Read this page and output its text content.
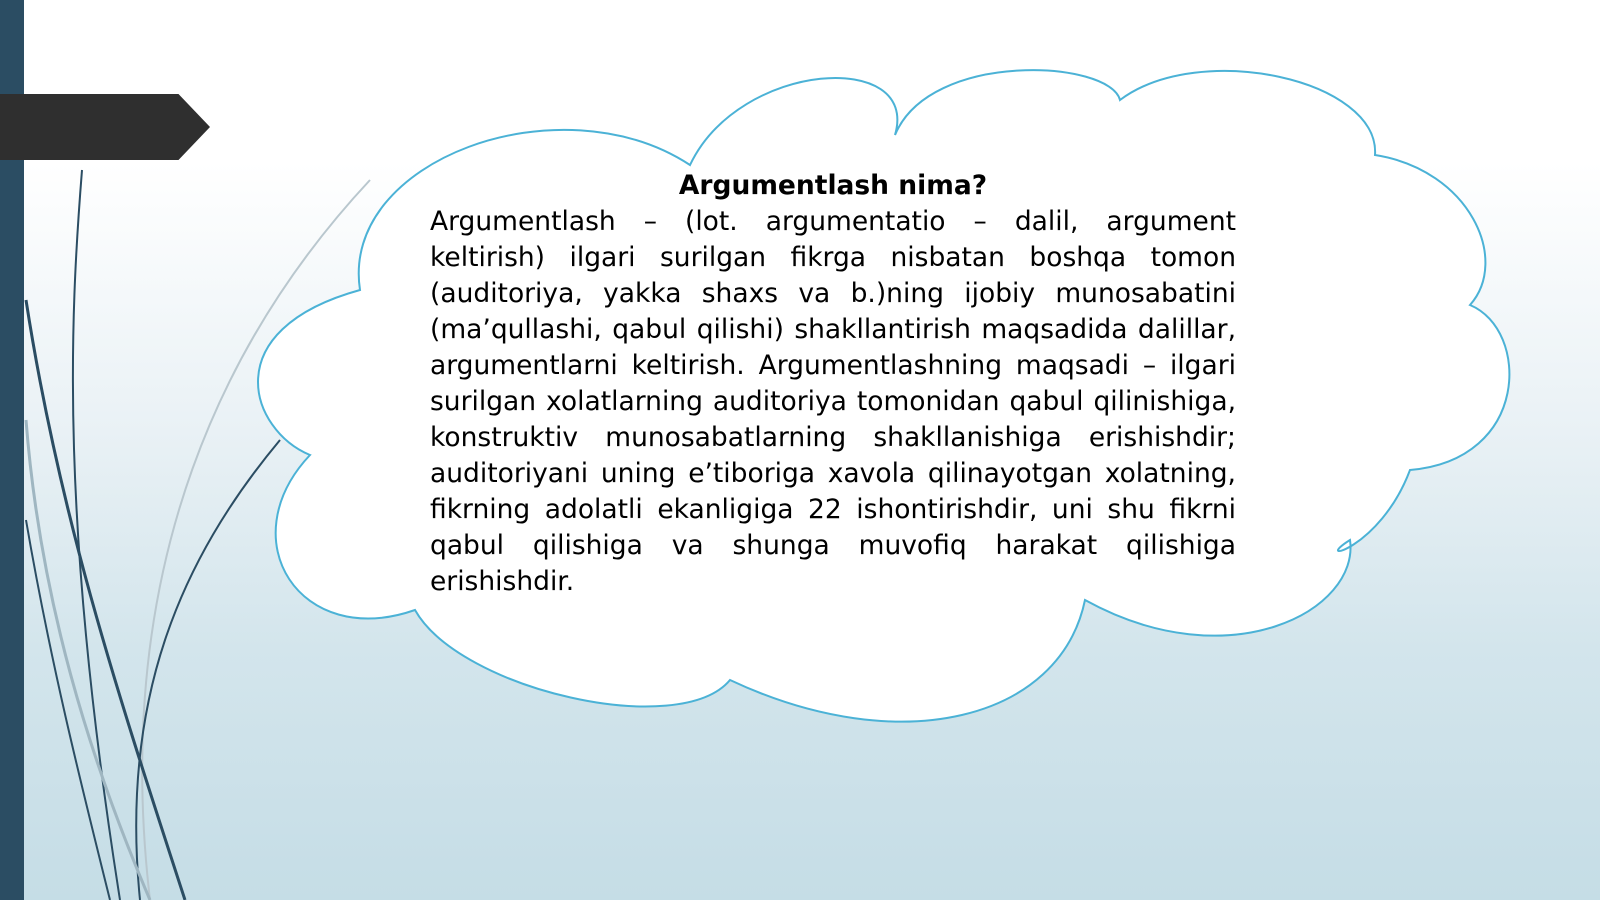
Argumentlash nima?

Argumentlash – (lot. argumentatio – dalil, argument keltirish) ilgari surilgan fikrga nisbatan boshqa tomon (auditoriya, yakka shaxs va b.)ning ijobiy munosabatini (ma’qullashi, qabul qilishi) shakllantirish maqsadida dalillar, argumentlarni keltirish. Argumentlashning maqsadi – ilgari surilgan xolatlarning auditoriya tomonidan qabul qilinishiga, konstruktiv munosabatlarning shakllanishiga erishishdir; auditoriyani uning e’tiboriga xavola qilinayotgan xolatning, fikrning adolatli ekanligiga 22 ishontirishdir, uni shu fikrni qabul qilishiga va shunga muvofiq harakat qilishiga erishishdir.
